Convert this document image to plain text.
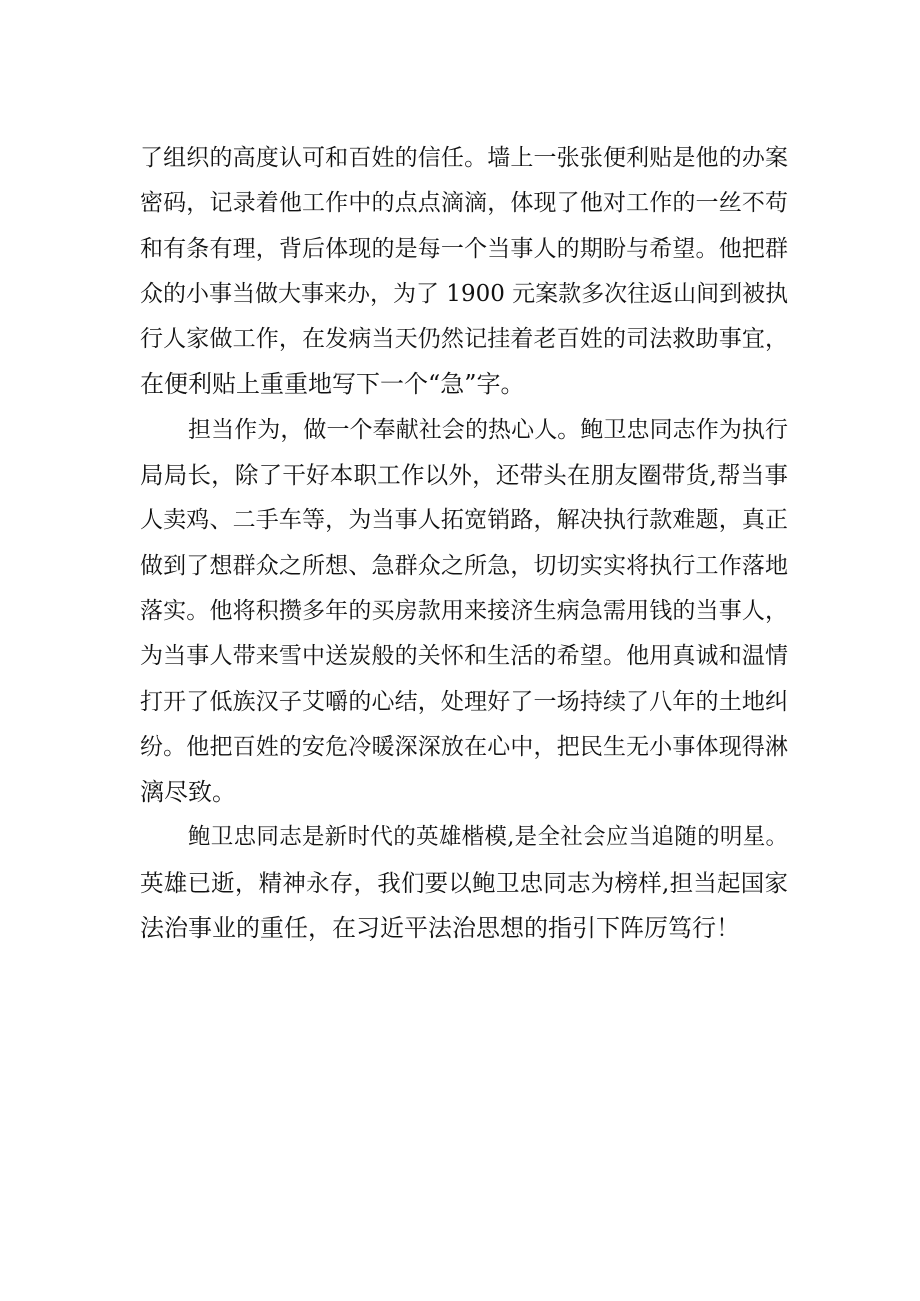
了组织的高度认可和百姓的信任。墙上一张张便利贴是他的办案
密码，记录着他工作中的点点滴滴，体现了他对工作的一丝不苟
和有条有理，背后体现的是每一个当事人的期盼与希望。他把群
众的小事当做大事来办，为了 1900 元案款多次往返山间到被执
行人家做工作，在发病当天仍然记挂着老百姓的司法救助事宜，
在便利贴上重重地写下一个“急”字。
担当作为，做一个奉献社会的热心人。鲍卫忠同志作为执行
局局长，除了干好本职工作以外，还带头在朋友圈带货,帮当事
人卖鸡、二手车等，为当事人拓宽销路，解决执行款难题，真正
做到了想群众之所想、急群众之所急，切切实实将执行工作落地
落实。他将积攒多年的买房款用来接济生病急需用钱的当事人，
为当事人带来雪中送炭般的关怀和生活的希望。他用真诚和温情
打开了低族汉子艾嚼的心结，处理好了一场持续了八年的土地纠
纷。他把百姓的安危冷暖深深放在心中，把民生无小事体现得淋
漓尽致。
鲍卫忠同志是新时代的英雄楷模,是全社会应当追随的明星。
英雄已逝，精神永存，我们要以鲍卫忠同志为榜样,担当起国家
法治事业的重任，在习近平法治思想的指引下阵厉笃行！
